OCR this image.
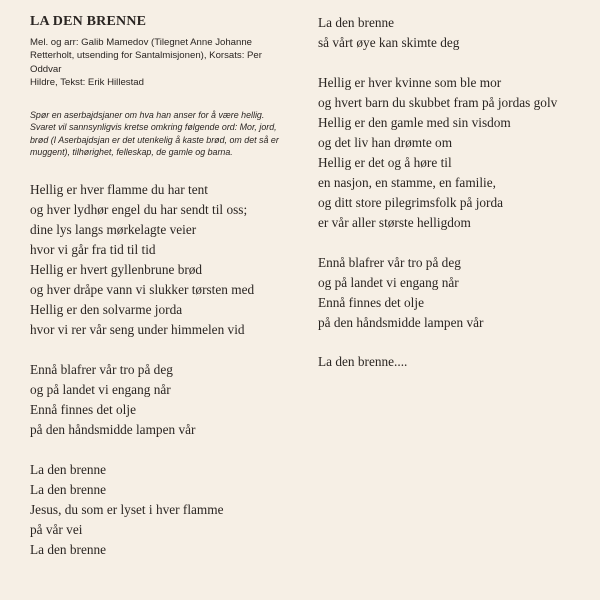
LA DEN BRENNE

Mel. og arr: Galib Mamedov (Tilegnet Anne Johanne
Retterholt, utsending for Santalmisjonen), Korsats: Per Oddvar
Hildre, Tekst: Erik Hillestad

Spør en aserbajdsjaner om hva han anser for å være hellig.
Svaret vil sannsynligvis kretse omkring følgende ord: Mor, jord,
brød (I Aserbajdsjan er det utenkelig å kaste brød, om det så er
muggent), tilhørighet, felleskap, de gamle og barna.

Hellig er hver flamme du har tent
og hver lydhør engel du har sendt til oss;
dine lys langs mørkelagte veier
hvor vi går fra tid til tid
Hellig er hvert gyllenbrune brød
og hver dråpe vann vi slukker tørsten med
Hellig er den solvarme jorda
hvor vi rer vår seng under himmelen vid
Ennå blafrer vår tro på deg
og på landet vi engang når
Ennå finnes det olje
på den håndsmidde lampen vår
La den brenne
La den brenne
Jesus, du som er lyset i hver flamme
på vår vei
La den brenne
La den brenne
så vårt øye kan skimte deg
Hellig er hver kvinne som ble mor
og hvert barn du skubbet fram på jordas golv
Hellig er den gamle med sin visdom
og det liv han drømte om
Hellig er det og å høre til
en nasjon, en stamme, en familie,
og ditt store pilegrimsfolk på jorda
er vår aller største helligdom
Ennå blafrer vår tro på deg
og på landet vi engang når
Ennå finnes det olje
på den håndsmidde lampen vår
La den brenne....
